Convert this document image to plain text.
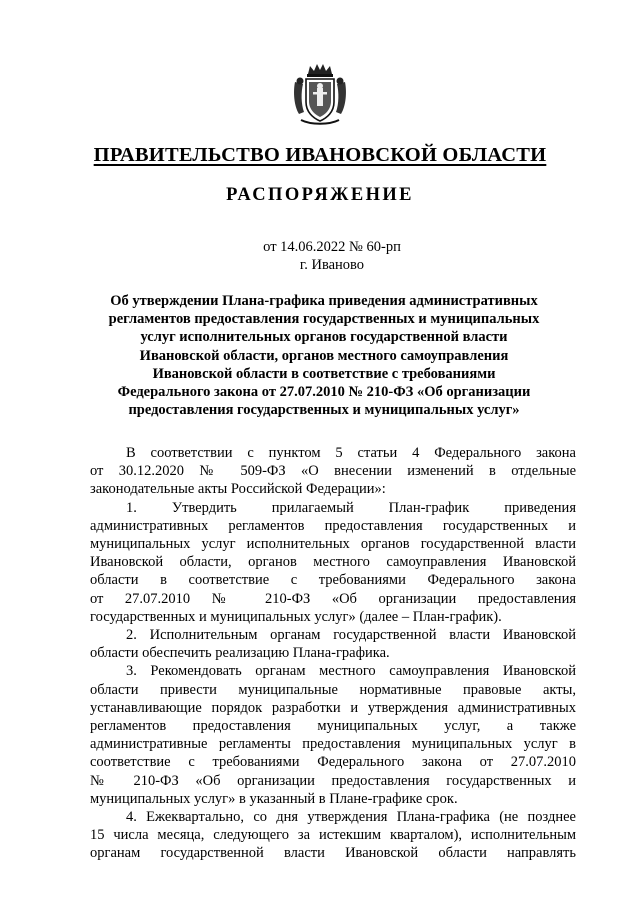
ПРАВИТЕЛЬСТВО ИВАНОВСКОЙ ОБЛАСТИ
РАСПОРЯЖЕНИЕ
от 14.06.2022 № 60-рп
г. Иваново
Об утверждении Плана-графика приведения административных
регламентов предоставления государственных и муниципальных
услуг исполнительных органов государственной власти
Ивановской области, органов местного самоуправления
Ивановской области в соответствие с требованиями
Федерального закона от 27.07.2010 № 210-ФЗ «Об организации
предоставления государственных и муниципальных услуг»

В соответствии с пунктом 5 статьи 4 Федерального закона
от 30.12.2020 № 509-ФЗ «О внесении изменений в отдельные
законодательные акты Российской Федерации»:

1. Утвердить прилагаемый План-график приведения
административных регламентов предоставления государственных и
муниципальных услуг исполнительных органов государственной власти
Ивановской области, органов местного самоуправления Ивановской
области в соответствие с требованиями Федерального закона
от 27.07.2010 № 210-ФЗ «Об организации предоставления
государственных и муниципальных услуг» (далее – План-график).

2. Исполнительным органам государственной власти Ивановской
области обеспечить реализацию Плана-графика.

3. Рекомендовать органам местного самоуправления Ивановской
области привести муниципальные нормативные правовые акты,
устанавливающие порядок разработки и утверждения административных
регламентов предоставления муниципальных услуг, а также
административные регламенты предоставления муниципальных услуг в
соответствие с требованиями Федерального закона от 27.07.2010
№ 210-ФЗ «Об организации предоставления государственных и
муниципальных услуг» в указанный в Плане-графике срок.

4. Ежеквартально, со дня утверждения Плана-графика (не позднее
15 числа месяца, следующего за истекшим кварталом), исполнительным
органам государственной власти Ивановской области направлять
